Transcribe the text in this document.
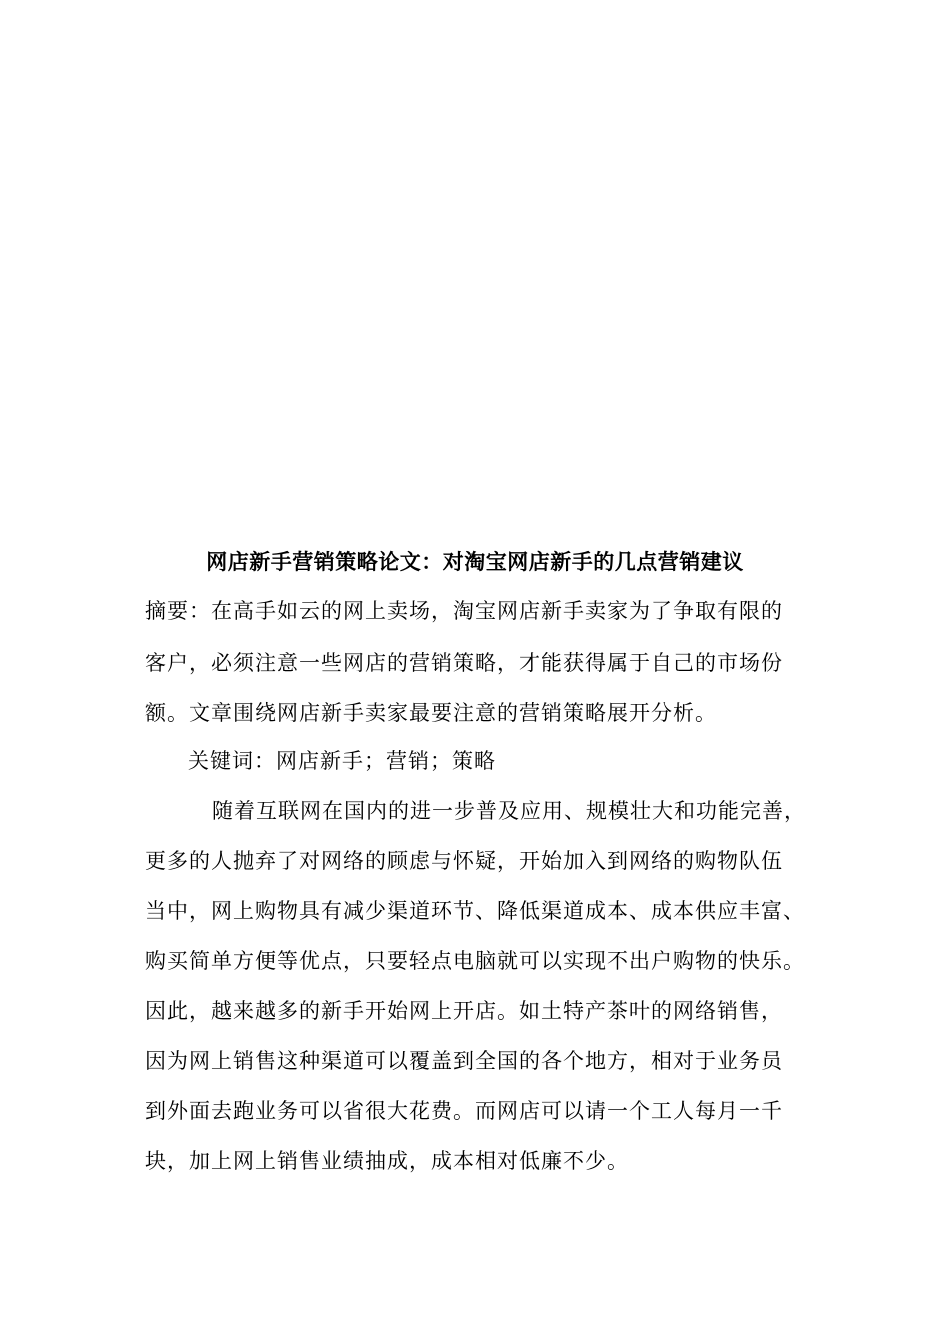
网店新手营销策略论文：对淘宝网店新手的几点营销建议
摘要：在高手如云的网上卖场，淘宝网店新手卖家为了争取有限的
客户，必须注意一些网店的营销策略，才能获得属于自己的市场份
额。文章围绕网店新手卖家最要注意的营销策略展开分析。
关键词：网店新手；营销；策略
随着互联网在国内的进一步普及应用、规模壮大和功能完善，
更多的人抛弃了对网络的顾虑与怀疑，开始加入到网络的购物队伍
当中，网上购物具有减少渠道环节、降低渠道成本、成本供应丰富、
购买简单方便等优点，只要轻点电脑就可以实现不出户购物的快乐。
因此，越来越多的新手开始网上开店。如土特产茶叶的网络销售，
因为网上销售这种渠道可以覆盖到全国的各个地方，相对于业务员
到外面去跑业务可以省很大花费。而网店可以请一个工人每月一千
块，加上网上销售业绩抽成，成本相对低廉不少。
